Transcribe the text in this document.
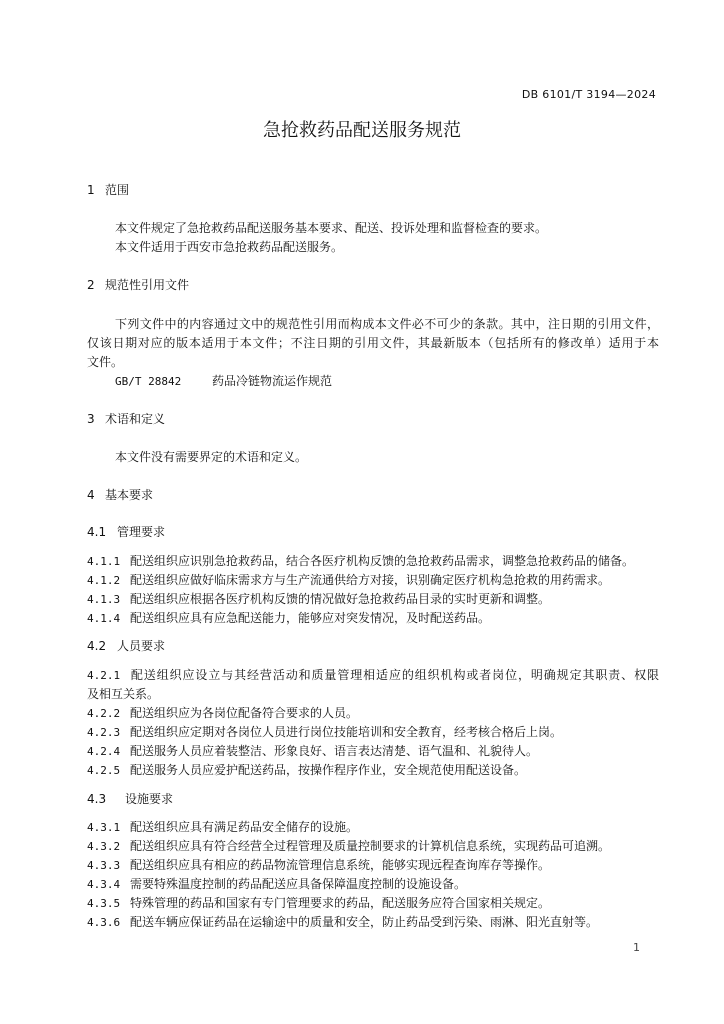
DB 6101/T 3194—2024
急抢救药品配送服务规范
1 范围
本文件规定了急抢救药品配送服务基本要求、配送、投诉处理和监督检查的要求。
本文件适用于西安市急抢救药品配送服务。
2 规范性引用文件
下列文件中的内容通过文中的规范性引用而构成本文件必不可少的条款。其中，注日期的引用文件，
仅该日期对应的版本适用于本文件；不注日期的引用文件，其最新版本（包括所有的修改单）适用于本
文件。
GB/T 28842	药品冷链物流运作规范
3 术语和定义
本文件没有需要界定的术语和定义。
4 基本要求
4.1 管理要求
4.1.1 配送组织应识别急抢救药品，结合各医疗机构反馈的急抢救药品需求，调整急抢救药品的储备。
4.1.2 配送组织应做好临床需求方与生产流通供给方对接，识别确定医疗机构急抢救的用药需求。
4.1.3 配送组织应根据各医疗机构反馈的情况做好急抢救药品目录的实时更新和调整。
4.1.4 配送组织应具有应急配送能力，能够应对突发情况，及时配送药品。
4.2 人员要求
4.2.1 配送组织应设立与其经营活动和质量管理相适应的组织机构或者岗位，明确规定其职责、权限
及相互关系。
4.2.2 配送组织应为各岗位配备符合要求的人员。
4.2.3 配送组织应定期对各岗位人员进行岗位技能培训和安全教育，经考核合格后上岗。
4.2.4 配送服务人员应着装整洁、形象良好、语言表达清楚、语气温和、礼貌待人。
4.2.5 配送服务人员应爱护配送药品，按操作程序作业，安全规范使用配送设备。
4.3 设施要求
4.3.1 配送组织应具有满足药品安全储存的设施。
4.3.2 配送组织应具有符合经营全过程管理及质量控制要求的计算机信息系统，实现药品可追溯。
4.3.3 配送组织应具有相应的药品物流管理信息系统，能够实现远程查询库存等操作。
4.3.4 需要特殊温度控制的药品配送应具备保障温度控制的设施设备。
4.3.5 特殊管理的药品和国家有专门管理要求的药品，配送服务应符合国家相关规定。
4.3.6 配送车辆应保证药品在运输途中的质量和安全，防止药品受到污染、雨淋、阳光直射等。
1
